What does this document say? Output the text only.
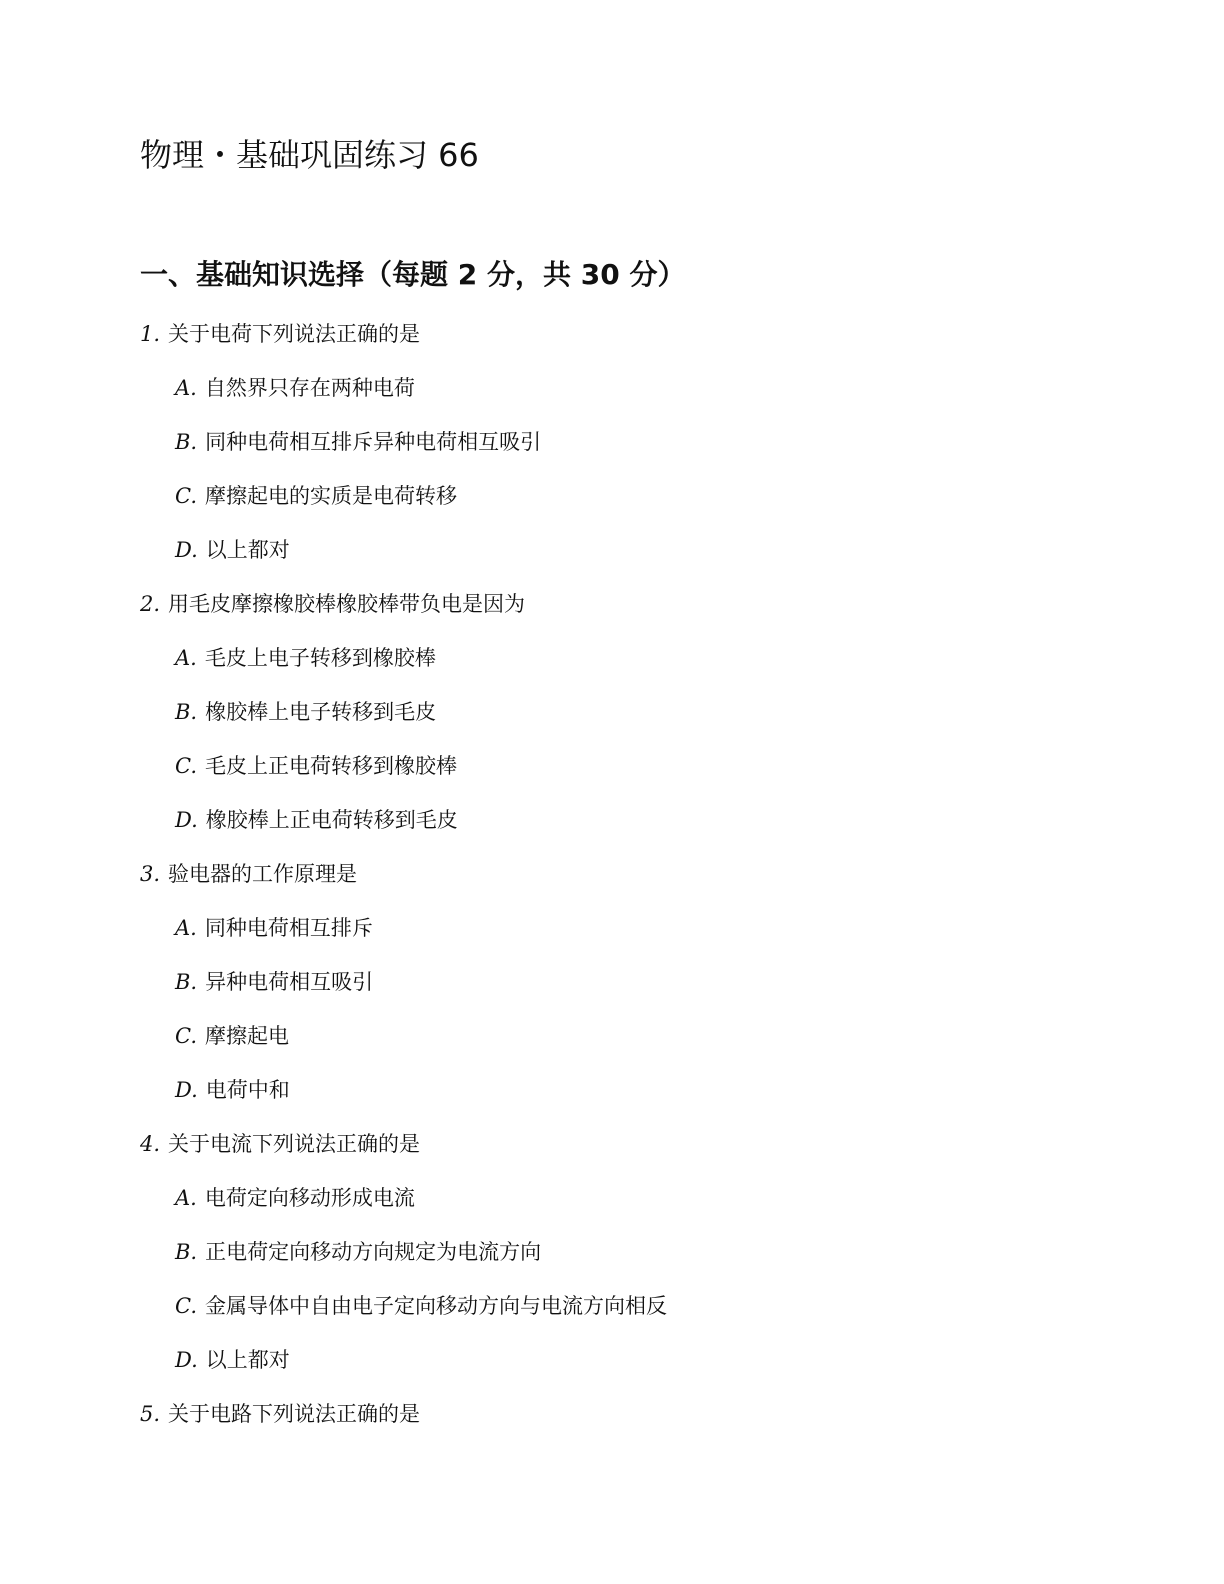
物理・基础巩固练习 66
一、基础知识选择（每题 2 分，共 30 分）
1. 关于电荷下列说法正确的是
A. 自然界只存在两种电荷
B. 同种电荷相互排斥异种电荷相互吸引
C. 摩擦起电的实质是电荷转移
D. 以上都对
2. 用毛皮摩擦橡胶棒橡胶棒带负电是因为
A. 毛皮上电子转移到橡胶棒
B. 橡胶棒上电子转移到毛皮
C. 毛皮上正电荷转移到橡胶棒
D. 橡胶棒上正电荷转移到毛皮
3. 验电器的工作原理是
A. 同种电荷相互排斥
B. 异种电荷相互吸引
C. 摩擦起电
D. 电荷中和
4. 关于电流下列说法正确的是
A. 电荷定向移动形成电流
B. 正电荷定向移动方向规定为电流方向
C. 金属导体中自由电子定向移动方向与电流方向相反
D. 以上都对
5. 关于电路下列说法正确的是
